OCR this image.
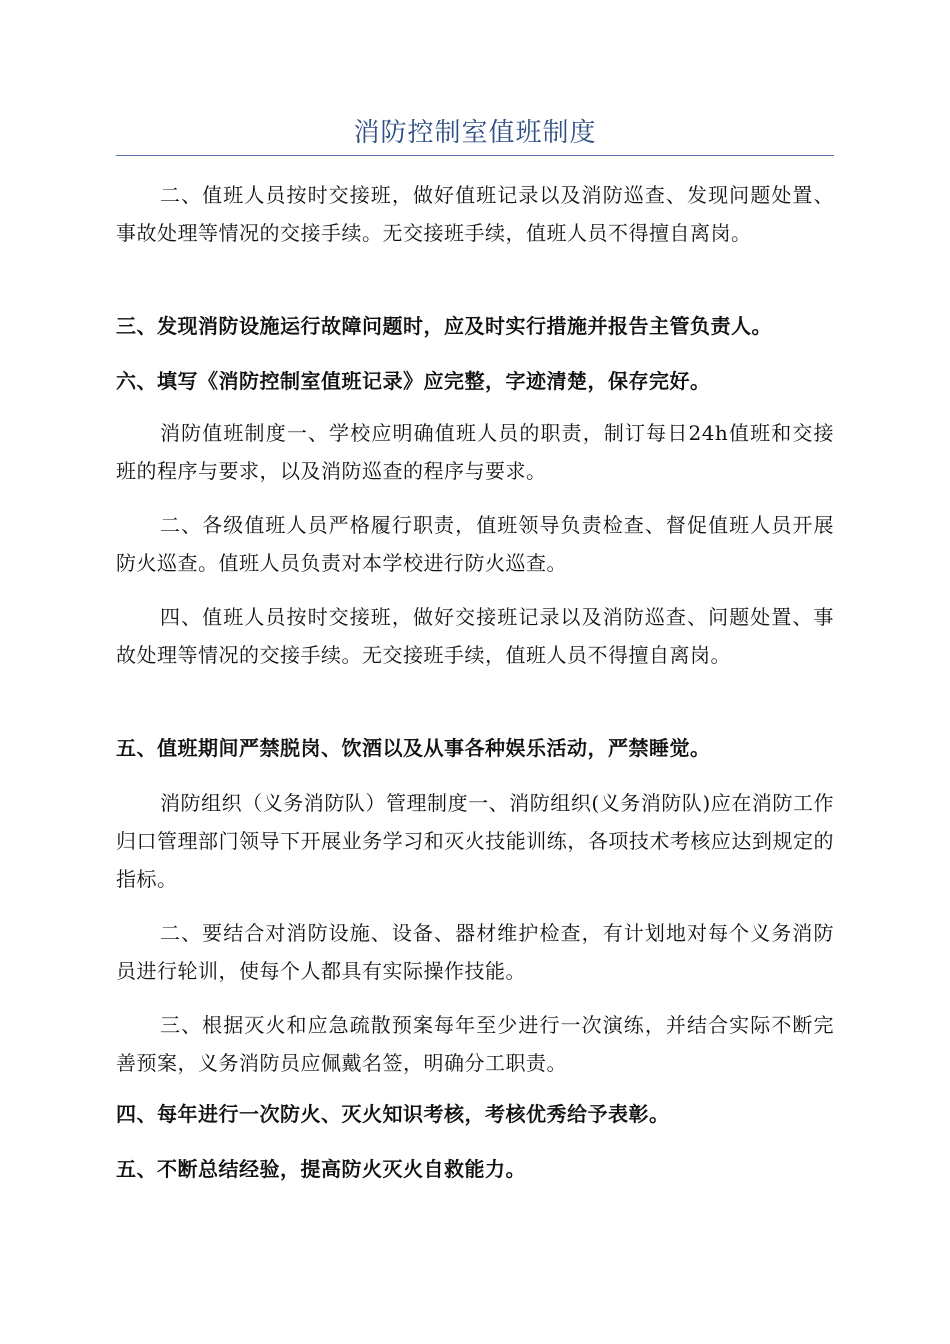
消防控制室值班制度

二、值班人员按时交接班，做好值班记录以及消防巡查、发现问题处置、事故处理等情况的交接手续。无交接班手续，值班人员不得擅自离岗。

三、发现消防设施运行故障问题时，应及时实行措施并报告主管负责人。

六、填写《消防控制室值班记录》应完整，字迹清楚，保存完好。

消防值班制度一、学校应明确值班人员的职责，制订每日24h值班和交接班的程序与要求，以及消防巡查的程序与要求。

二、各级值班人员严格履行职责，值班领导负责检查、督促值班人员开展防火巡查。值班人员负责对本学校进行防火巡查。

四、值班人员按时交接班，做好交接班记录以及消防巡查、问题处置、事故处理等情况的交接手续。无交接班手续，值班人员不得擅自离岗。

五、值班期间严禁脱岗、饮酒以及从事各种娱乐活动，严禁睡觉。

消防组织（义务消防队）管理制度一、消防组织(义务消防队)应在消防工作归口管理部门领导下开展业务学习和灭火技能训练，各项技术考核应达到规定的指标。

二、要结合对消防设施、设备、器材维护检查，有计划地对每个义务消防员进行轮训，使每个人都具有实际操作技能。

三、根据灭火和应急疏散预案每年至少进行一次演练，并结合实际不断完善预案，义务消防员应佩戴名签，明确分工职责。

四、每年进行一次防火、灭火知识考核，考核优秀给予表彰。

五、不断总结经验，提高防火灭火自救能力。
